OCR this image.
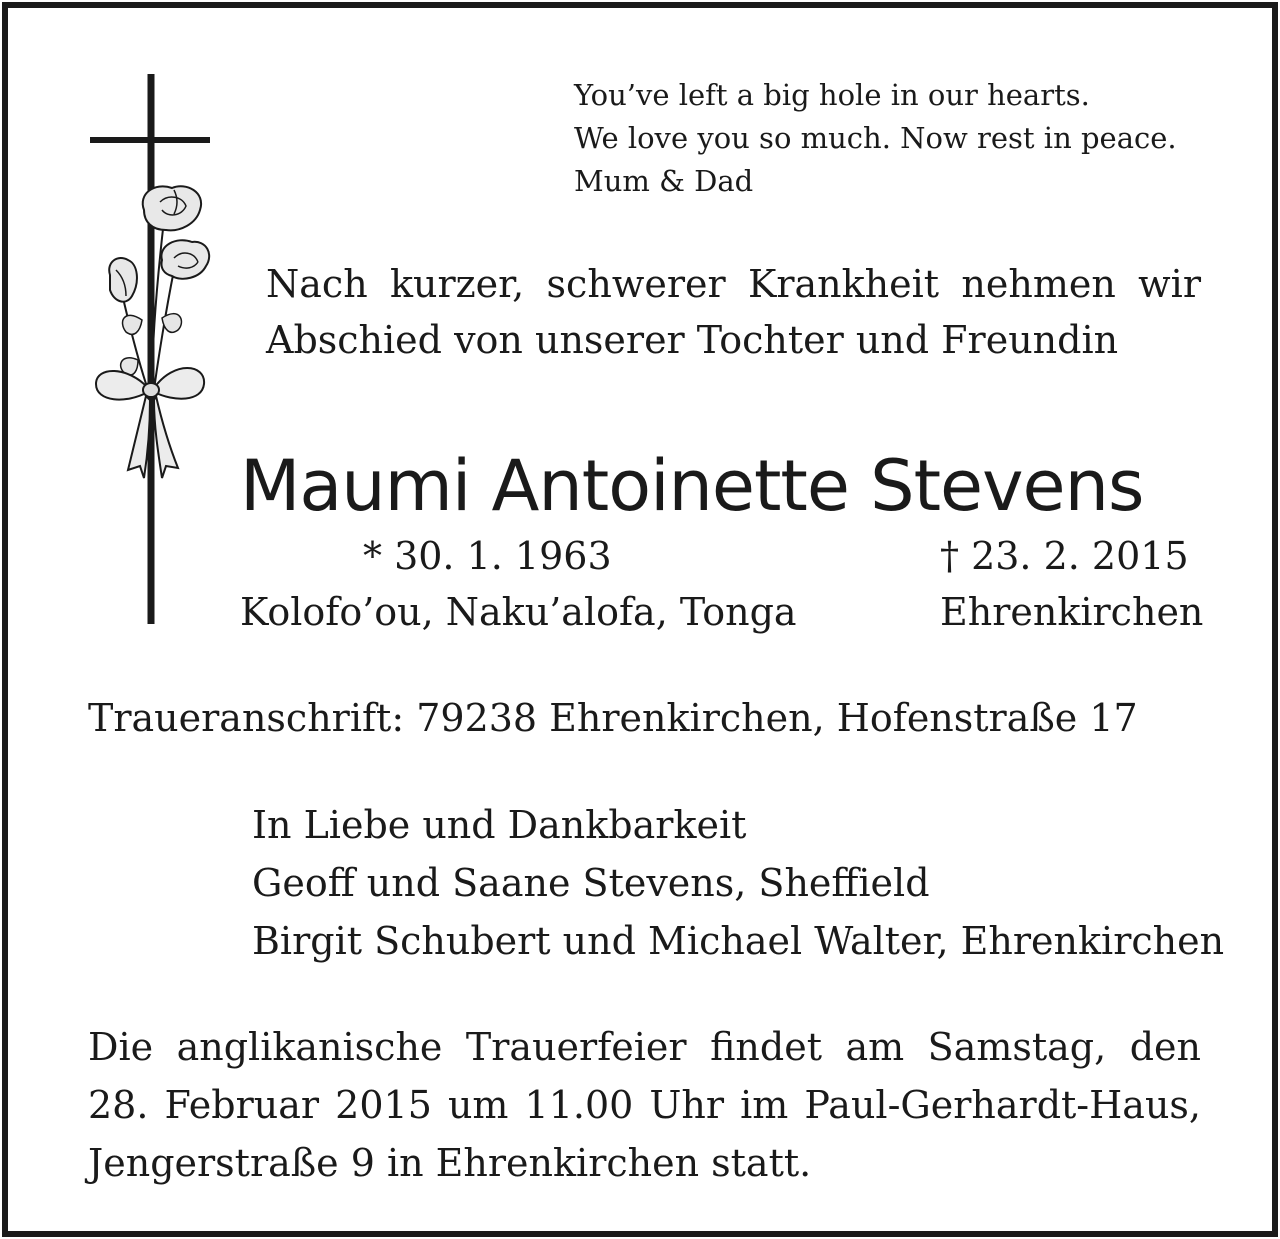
You’ve left a big hole in our hearts.
We love you so much. Now rest in peace.
Mum & Dad
Nach kurzer, schwerer Krankheit nehmen wir
Abschied von unserer Tochter und Freundin
Maumi Antoinette Stevens
* 30. 1. 1963	† 23. 2. 2015
Kolofo’ou, Naku’alofa, Tonga	Ehrenkirchen
Traueranschrift: 79238 Ehrenkirchen, Hofenstraße 17
In Liebe und Dankbarkeit
Geoff und Saane Stevens, Sheffield
Birgit Schubert und Michael Walter, Ehrenkirchen
Die anglikanische Trauerfeier findet am Samstag, den
28. Februar 2015 um 11.00 Uhr im Paul-Gerhardt-Haus,
Jengerstraße 9 in Ehrenkirchen statt.
